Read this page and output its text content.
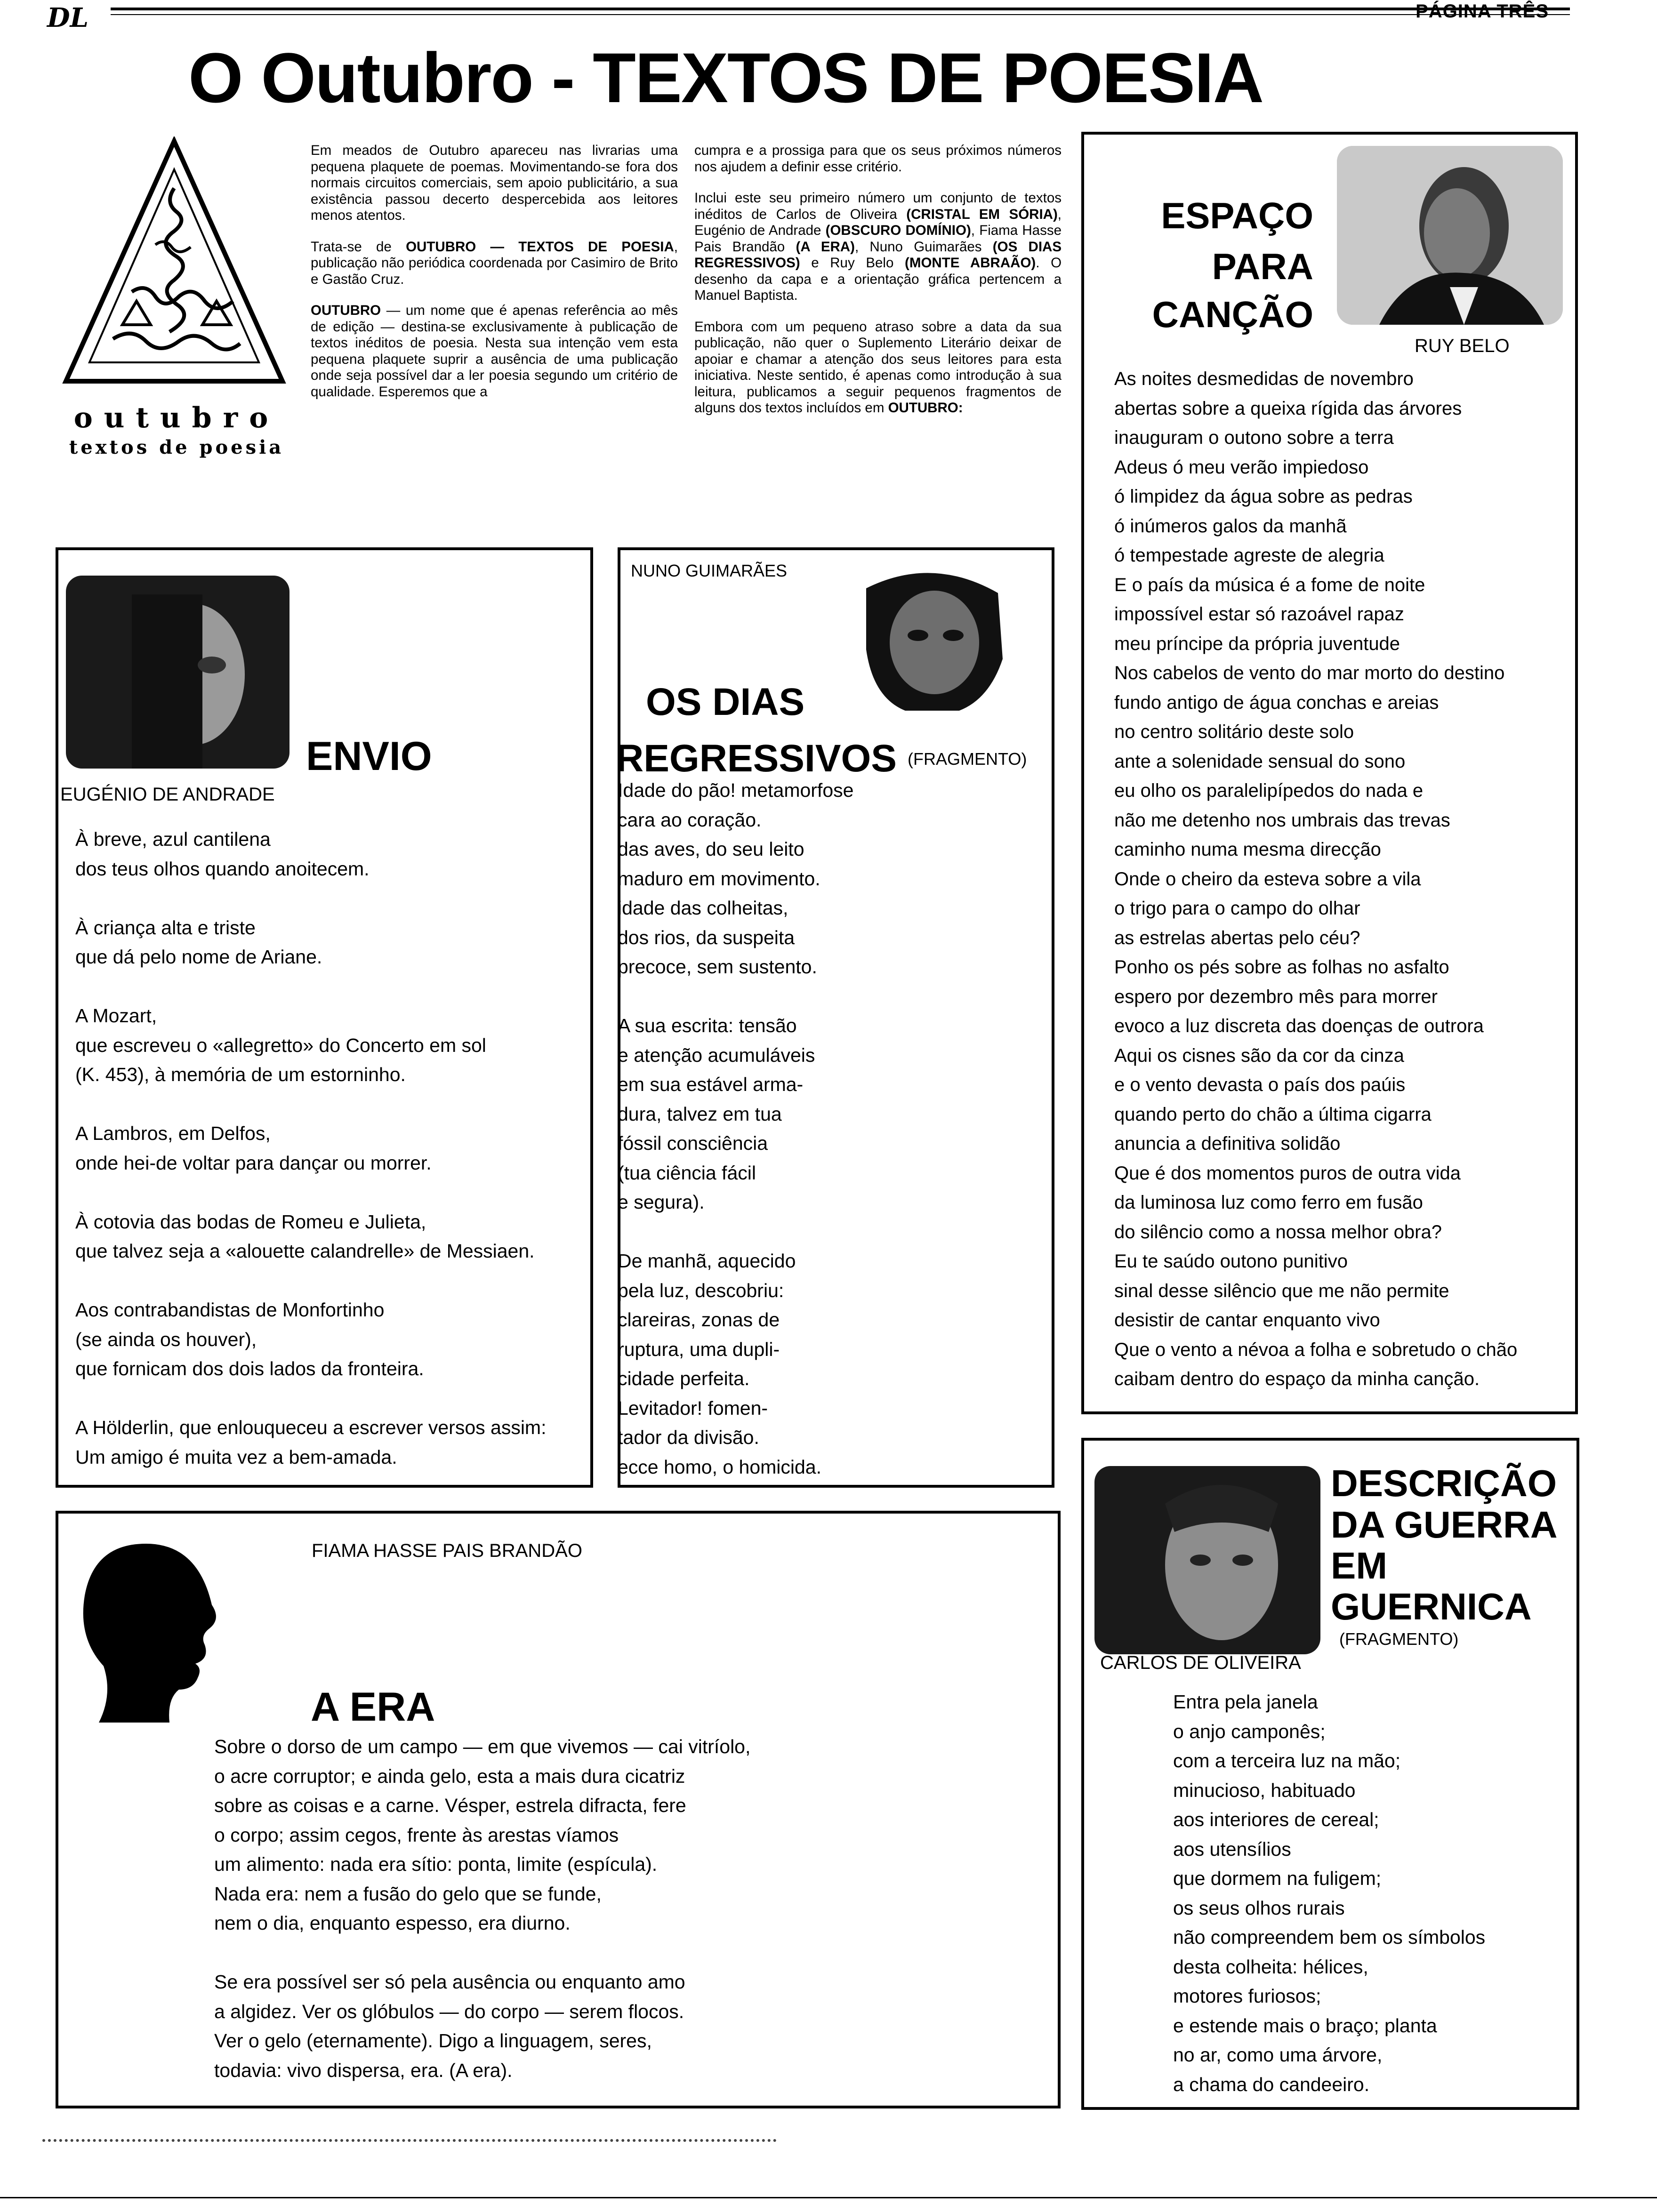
DL	PÁGINA TRÊS
O Outubro - TEXTOS DE POESIA
outubro
textos de poesia

Em meados de Outubro apareceu nas livrarias uma pequena plaquete de poemas. Movimentando-se fora dos normais circuitos comerciais, sem apoio publicitário, a sua existência passou decerto despercebida aos leitores menos atentos.

Trata-se de OUTUBRO — TEXTOS DE POESIA, publicação não periódica coordenada por Casimiro de Brito e Gastão Cruz.

OUTUBRO — um nome que é apenas referência ao mês de edição — destina-se exclusivamente à publicação de textos inéditos de poesia. Nesta sua intenção vem esta pequena plaquete suprir a ausência de uma publicação onde seja possível dar a ler poesia segundo um critério de qualidade. Esperemos que a

cumpra e a prossiga para que os seus próximos números nos ajudem a definir esse critério.

Inclui este seu primeiro número um conjunto de textos inéditos de Carlos de Oliveira (CRISTAL EM SÓRIA), Eugénio de Andrade (OBSCURO DOMÍNIO), Fiama Hasse Pais Brandão (A ERA), Nuno Guimarães (OS DIAS REGRESSIVOS) e Ruy Belo (MONTE ABRAÃO). O desenho da capa e a orientação gráfica pertencem a Manuel Baptista.

Embora com um pequeno atraso sobre a data da sua publicação, não quer o Suplemento Literário deixar de apoiar e chamar a atenção dos seus leitores para esta iniciativa. Neste sentido, é apenas como introdução à sua leitura, publicamos a seguir pequenos fragmentos de alguns dos textos incluídos em OUTUBRO:

ESPAÇO
PARA
CANÇÃO
RUY BELO
As noites desmedidas de novembro
abertas sobre a queixa rígida das árvores
inauguram o outono sobre a terra
Adeus ó meu verão impiedoso
ó limpidez da água sobre as pedras
ó inúmeros galos da manhã
ó tempestade agreste de alegria
E o país da música é a fome de noite
impossível estar só razoável rapaz
meu príncipe da própria juventude
Nos cabelos de vento do mar morto do destino
fundo antigo de água conchas e areias
no centro solitário deste solo
ante a solenidade sensual do sono
eu olho os paralelipípedos do nada e
não me detenho nos umbrais das trevas
caminho numa mesma direcção
Onde o cheiro da esteva sobre a vila
o trigo para o campo do olhar
as estrelas abertas pelo céu?
Ponho os pés sobre as folhas no asfalto
espero por dezembro mês para morrer
evoco a luz discreta das doenças de outrora
Aqui os cisnes são da cor da cinza
e o vento devasta o país dos paúis
quando perto do chão a última cigarra
anuncia a definitiva solidão
Que é dos momentos puros de outra vida
da luminosa luz como ferro em fusão
do silêncio como a nossa melhor obra?
Eu te saúdo outono punitivo
sinal desse silêncio que me não permite
desistir de cantar enquanto vivo
Que o vento a névoa a folha e sobretudo o chão
caibam dentro do espaço da minha canção.
ENVIO
EUGÉNIO DE ANDRADE
À breve, azul cantilena
dos teus olhos quando anoitecem.
À criança alta e triste
que dá pelo nome de Ariane.
A Mozart,
que escreveu o «allegretto» do Concerto em sol
(K. 453), à memória de um estorninho.
A Lambros, em Delfos,
onde hei-de voltar para dançar ou morrer.
À cotovia das bodas de Romeu e Julieta,
que talvez seja a «alouette calandrelle» de Messiaen.
Aos contrabandistas de Monfortinho
(se ainda os houver),
que fornicam dos dois lados da fronteira.
A Hölderlin, que enlouqueceu a escrever versos assim:
Um amigo é muita vez a bem-amada.
NUNO GUIMARÃES
OS DIAS
REGRESSIVOS (FRAGMENTO)
Idade do pão! metamorfose
cara ao coração.
das aves, do seu leito
maduro em movimento.
idade das colheitas,
dos rios, da suspeita
precoce, sem sustento.
A sua escrita: tensão
e atenção acumuláveis
em sua estável arma-
dura, talvez em tua
fóssil consciência
(tua ciência fácil
e segura).
De manhã, aquecido
pela luz, descobriu:
clareiras, zonas de
ruptura, uma dupli-
cidade perfeita.
Levitador! fomen-
tador da divisão.
ecce homo, o homicida.
FIAMA HASSE PAIS BRANDÃO
A ERA
Sobre o dorso de um campo — em que vivemos — cai vitríolo,
o acre corruptor; e ainda gelo, esta a mais dura cicatriz
sobre as coisas e a carne. Vésper, estrela difracta, fere
o corpo; assim cegos, frente às arestas víamos
um alimento: nada era sítio: ponta, limite (espícula).
Nada era: nem a fusão do gelo que se funde,
nem o dia, enquanto espesso, era diurno.
Se era possível ser só pela ausência ou enquanto amo
a algidez. Ver os glóbulos — do corpo — serem flocos.
Ver o gelo (eternamente). Digo a linguagem, seres,
todavia: vivo dispersa, era. (A era).
DESCRIÇÃO
DA GUERRA
EM
GUERNICA
(FRAGMENTO)
CARLOS DE OLIVEIRA
Entra pela janela
o anjo camponês;
com a terceira luz na mão;
minucioso, habituado
aos interiores de cereal;
aos utensílios
que dormem na fuligem;
os seus olhos rurais
não compreendem bem os símbolos
desta colheita: hélices,
motores furiosos;
e estende mais o braço; planta
no ar, como uma árvore,
a chama do candeeiro.
